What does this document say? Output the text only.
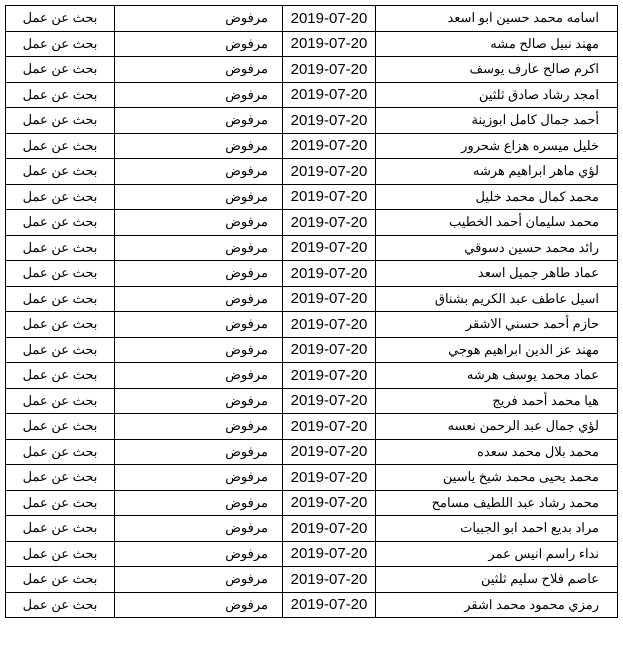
بحث عن عمل	مرفوض	2019-07-20	اسامه محمد حسين ابو اسعد
بحث عن عمل	مرفوض	2019-07-20	مهند نبيل صالح مشه
بحث عن عمل	مرفوض	2019-07-20	اكرم صالح عارف يوسف
بحث عن عمل	مرفوض	2019-07-20	امجد رشاد صادق ثلثين
بحث عن عمل	مرفوض	2019-07-20	أحمد جمال كامل ابوزينة
بحث عن عمل	مرفوض	2019-07-20	خليل ميسره هزاع شحرور
بحث عن عمل	مرفوض	2019-07-20	لؤي ماهر ابراهيم هرشه
بحث عن عمل	مرفوض	2019-07-20	محمد كمال محمد خليل
بحث عن عمل	مرفوض	2019-07-20	محمد سليمان أحمد الخطيب
بحث عن عمل	مرفوض	2019-07-20	رائد محمد حسين دسوقي
بحث عن عمل	مرفوض	2019-07-20	عماد طاهر جميل اسعد
بحث عن عمل	مرفوض	2019-07-20	اسيل عاطف عبد الكريم بشناق
بحث عن عمل	مرفوض	2019-07-20	حازم أحمد حسني الاشقر
بحث عن عمل	مرفوض	2019-07-20	مهند عز الدين ابراهيم هوجي
بحث عن عمل	مرفوض	2019-07-20	عماد محمد يوسف هرشه
بحث عن عمل	مرفوض	2019-07-20	هيا محمد أحمد فريج
بحث عن عمل	مرفوض	2019-07-20	لؤي جمال عبد الرحمن نعسه
بحث عن عمل	مرفوض	2019-07-20	محمد بلال محمد سعده
بحث عن عمل	مرفوض	2019-07-20	محمد يحيى محمد شيخ ياسين
بحث عن عمل	مرفوض	2019-07-20	محمد رشاد عبد اللطيف مسامح
بحث عن عمل	مرفوض	2019-07-20	مراد بديع احمد ابو الجبيات
بحث عن عمل	مرفوض	2019-07-20	نداء راسم انيس عمر
بحث عن عمل	مرفوض	2019-07-20	عاصم فلاح سليم ثلثين
بحث عن عمل	مرفوض	2019-07-20	رمزي محمود محمد اشقر
